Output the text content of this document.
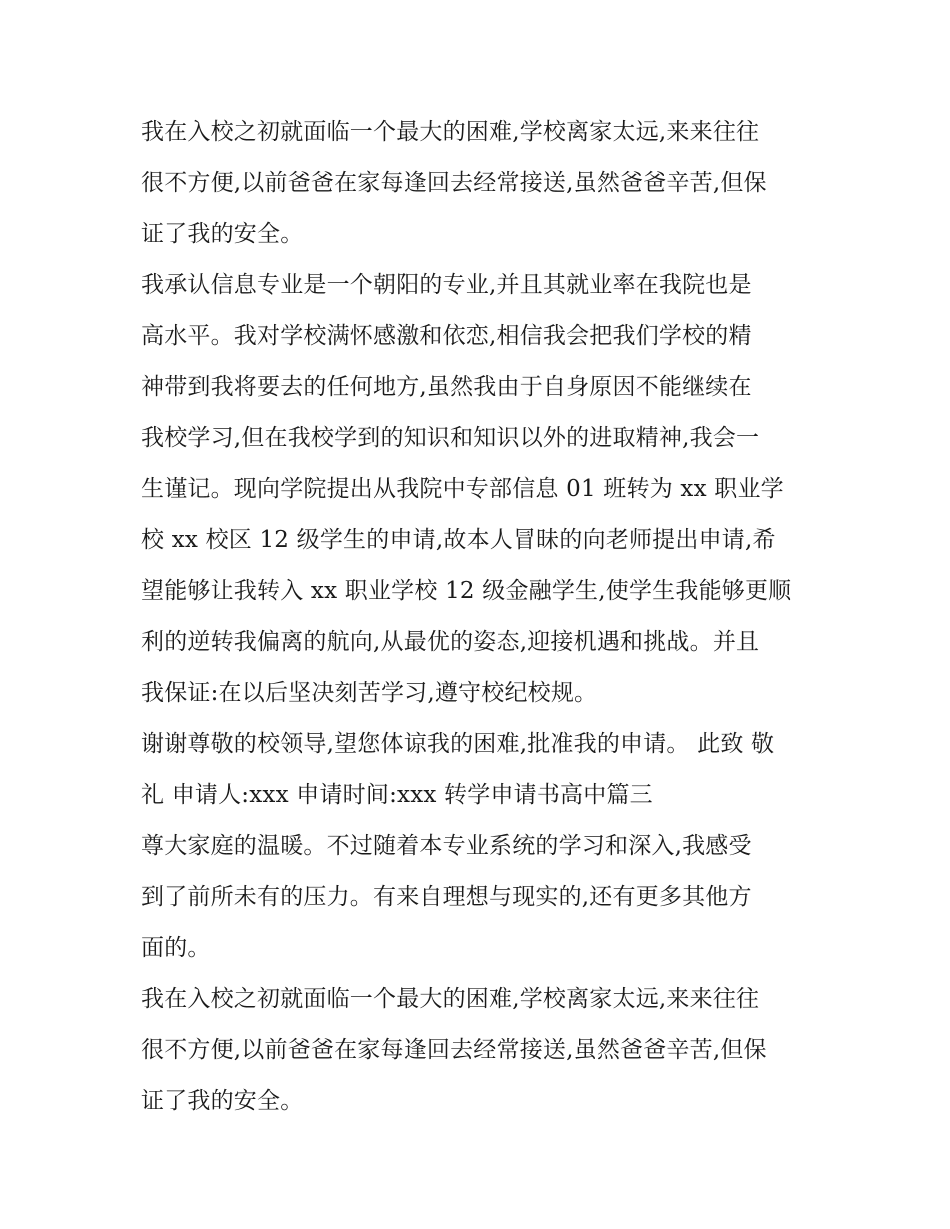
我在入校之初就面临一个最大的困难,学校离家太远,来来往往
很不方便,以前爸爸在家每逢回去经常接送,虽然爸爸辛苦,但保
证了我的安全。
我承认信息专业是一个朝阳的专业,并且其就业率在我院也是
高水平。我对学校满怀感激和依恋,相信我会把我们学校的精
神带到我将要去的任何地方,虽然我由于自身原因不能继续在
我校学习,但在我校学到的知识和知识以外的进取精神,我会一
生谨记。现向学院提出从我院中专部信息 01 班转为 xx 职业学
校 xx 校区 12 级学生的申请,故本人冒昧的向老师提出申请,希
望能够让我转入 xx 职业学校 12 级金融学生,使学生我能够更顺
利的逆转我偏离的航向,从最优的姿态,迎接机遇和挑战。并且
我保证:在以后坚决刻苦学习,遵守校纪校规。
谢谢尊敬的校领导,望您体谅我的困难,批准我的申请。 此致 敬
礼 申请人:xxx 申请时间:xxx 转学申请书高中篇三
尊大家庭的温暖。不过随着本专业系统的学习和深入,我感受
到了前所未有的压力。有来自理想与现实的,还有更多其他方
面的。
我在入校之初就面临一个最大的困难,学校离家太远,来来往往
很不方便,以前爸爸在家每逢回去经常接送,虽然爸爸辛苦,但保
证了我的安全。
